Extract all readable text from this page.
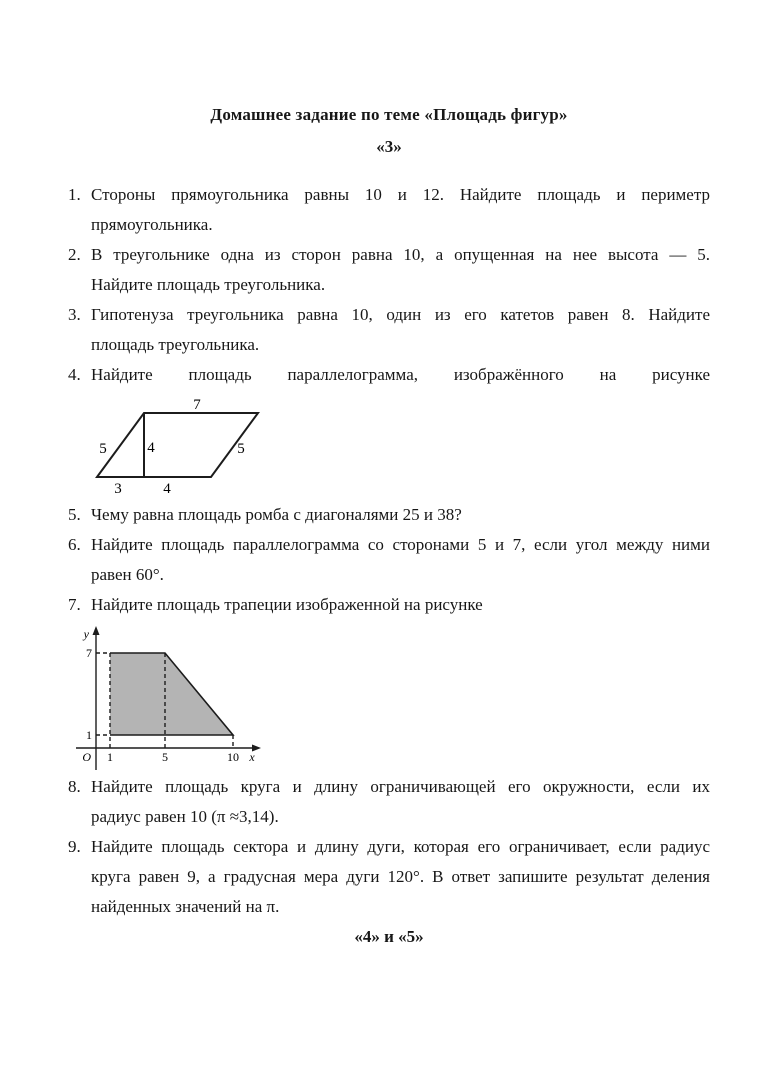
Домашнее задание по теме «Площадь фигур»
«3»
1. Стороны прямоугольника равны 10 и 12. Найдите площадь и периметр
прямоугольника.
2. В треугольнике одна из сторон равна 10, а опущенная на нее высота — 5.
Найдите площадь треугольника.
3. Гипотенуза треугольника равна 10, один из его катетов равен 8. Найдите
площадь треугольника.
4. Найдите площадь параллелограмма, изображённого на рисунке
7
5	4	5
3	4
5. Чему равна площадь ромба с диагоналями 25 и 38?
6. Найдите площадь параллелограмма со сторонами 5 и 7, если угол между ними
равен 60°.
7. Найдите площадь трапеции изображенной на рисунке
y
7
1
O 1	5	10 x
8. Найдите площадь круга и длину ограничивающей его окружности, если их
радиус равен 10 (π ≈3,14).
9. Найдите площадь сектора и длину дуги, которая его ограничивает, если радиус
круга равен 9, а градусная мера дуги 120°. В ответ запишите результат деления
найденных значений на π.
«4» и «5»
